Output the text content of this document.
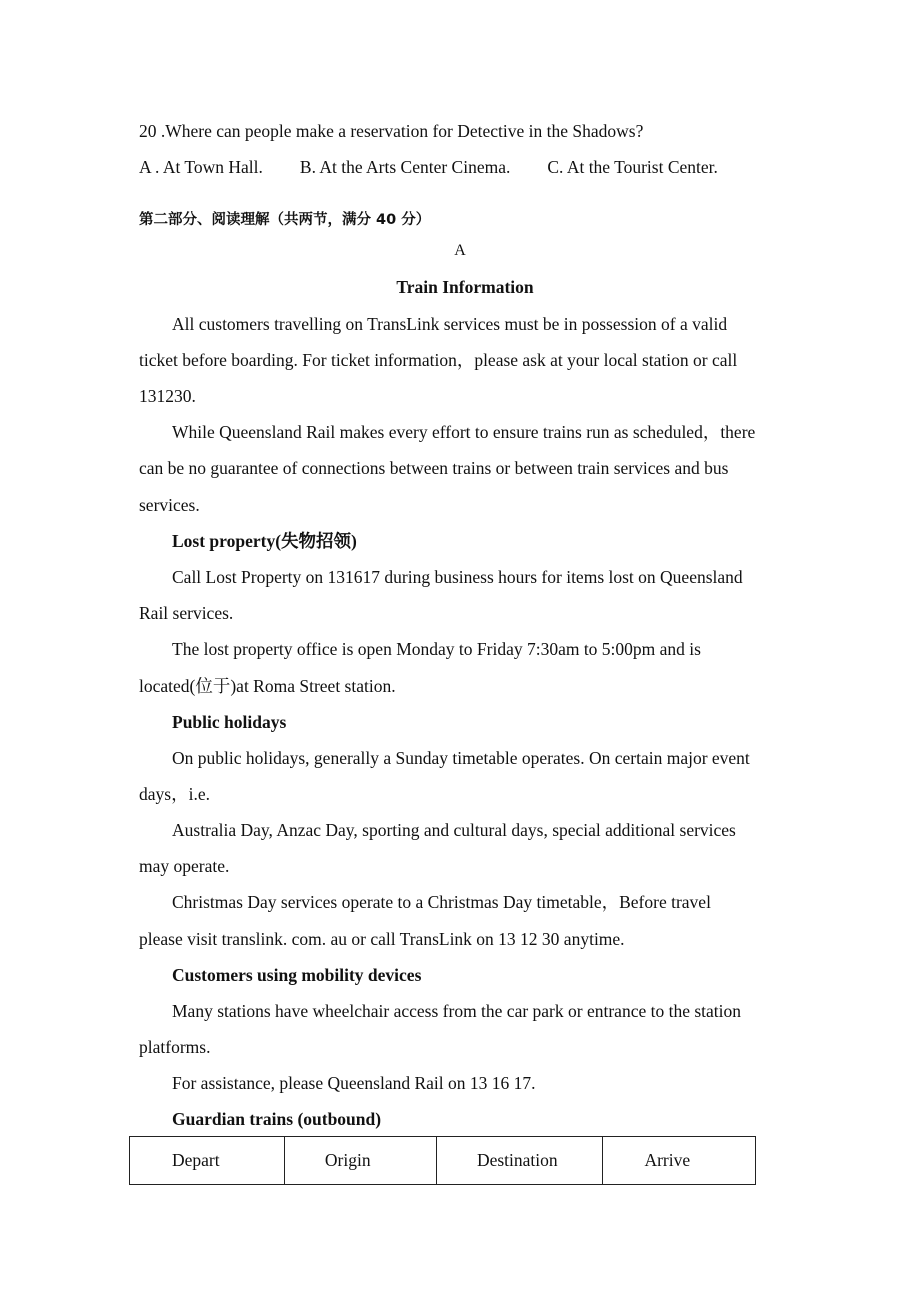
20 .Where can people make a reservation for Detective in the Shadows?
A . At Town Hall. B. At the Arts Center Cinema. C. At the Tourist Center.
第二部分、阅读理解（共两节，满分 40 分）
A
Train Information
All customers travelling on TransLink services must be in possession of a valid
ticket before boarding. For ticket information，please ask at your local station or call
131230.
While Queensland Rail makes every effort to ensure trains run as scheduled，there
can be no guarantee of connections between trains or between train services and bus
services.
Lost property(失物招领)
Call Lost Property on 131617 during business hours for items lost on Queensland
Rail services.
The lost property office is open Monday to Friday 7:30am to 5:00pm and is
located(位于)at Roma Street station.
Public holidays
On public holidays, generally a Sunday timetable operates. On certain major event
days，i.e.
Australia Day, Anzac Day, sporting and cultural days, special additional services
may operate.
Christmas Day services operate to a Christmas Day timetable，Before travel
please visit translink. com. au or call TransLink on 13 12 30 anytime.
Customers using mobility devices
Many stations have wheelchair access from the car park or entrance to the station
platforms.
For assistance, please Queensland Rail on 13 16 17.
Guardian trains (outbound)
Depart	Origin	Destination	Arrive
